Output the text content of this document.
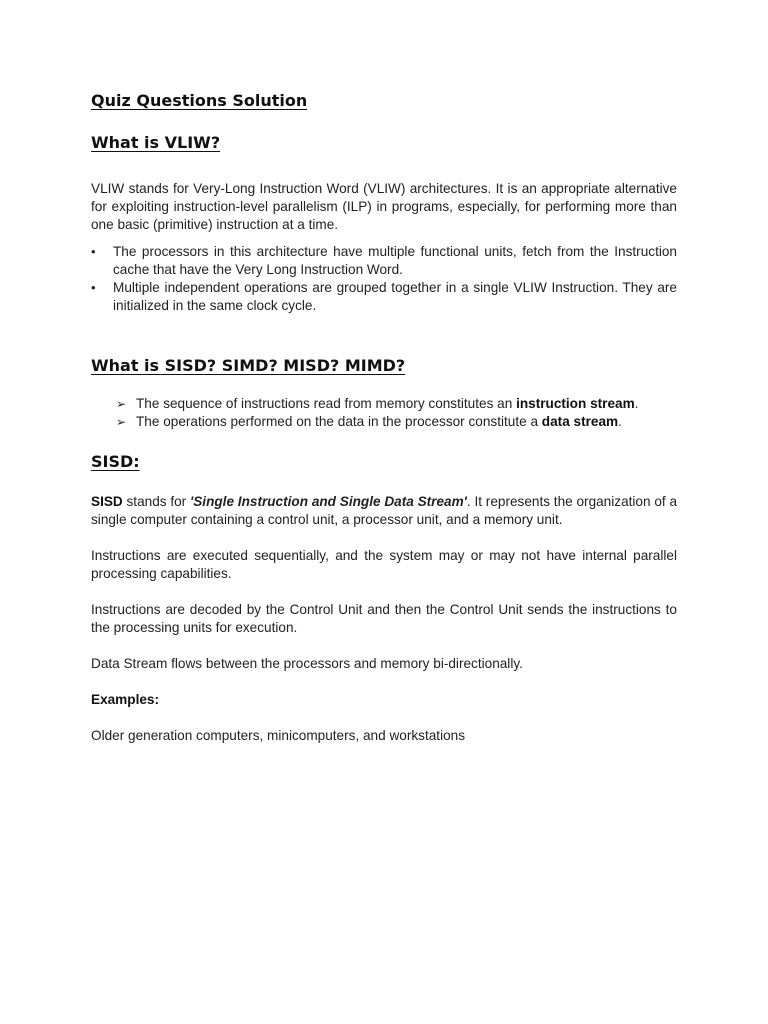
Quiz Questions Solution
What is VLIW?

VLIW stands for Very-Long Instruction Word (VLIW) architectures. It is an appropriate alternative for exploiting instruction-level parallelism (ILP) in programs, especially, for performing more than one basic (primitive) instruction at a time.

•	The processors in this architecture have multiple functional units, fetch from the Instruction cache that have the Very Long Instruction Word.
•	Multiple independent operations are grouped together in a single VLIW Instruction. They are initialized in the same clock cycle.
What is SISD? SIMD? MISD? MIMD?
➢ The sequence of instructions read from memory constitutes an instruction stream.
➢ The operations performed on the data in the processor constitute a data stream.
SISD:

SISD stands for 'Single Instruction and Single Data Stream'. It represents the organization of a single computer containing a control unit, a processor unit, and a memory unit.

Instructions are executed sequentially, and the system may or may not have internal parallel processing capabilities.

Instructions are decoded by the Control Unit and then the Control Unit sends the instructions to the processing units for execution.

Data Stream flows between the processors and memory bi-directionally.

Examples:

Older generation computers, minicomputers, and workstations
